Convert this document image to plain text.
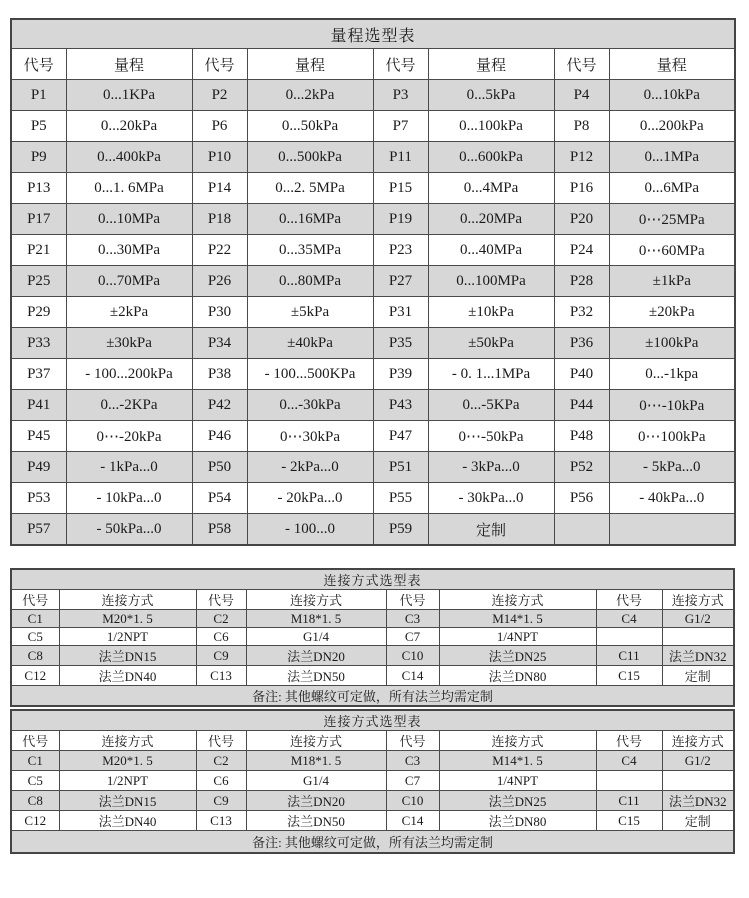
量程选型表							
代号	量程	代号	量程	代号	量程	代号	量程
P1	0...1KPa	P2	0...2kPa	P3	0...5kPa	P4	0...10kPa
P5	0...20kPa	P6	0...50kPa	P7	0...100kPa	P8	0...200kPa
P9	0...400kPa	P10	0...500kPa	P11	0...600kPa	P12	0...1MPa
P13	0...1. 6MPa	P14	0...2. 5MPa	P15	0...4MPa	P16	0...6MPa
P17	0...10MPa	P18	0...16MPa	P19	0...20MPa	P20	0⋯25MPa
P21	0...30MPa	P22	0...35MPa	P23	0...40MPa	P24	0⋯60MPa
P25	0...70MPa	P26	0...80MPa	P27	0...100MPa	P28	±1kPa
P29	±2kPa	P30	±5kPa	P31	±10kPa	P32	±20kPa
P33	±30kPa	P34	±40kPa	P35	±50kPa	P36	±100kPa
P37	- 100...200kPa	P38	- 100...500KPa	P39	- 0. 1...1MPa	P40	0...-1kpa
P41	0...-2KPa	P42	0...-30kPa	P43	0...-5KPa	P44	0⋯-10kPa
P45	0⋯-20kPa	P46	0⋯30kPa	P47	0⋯-50kPa	P48	0⋯100kPa
P49	- 1kPa...0	P50	- 2kPa...0	P51	- 3kPa...0	P52	- 5kPa...0
P53	- 10kPa...0	P54	- 20kPa...0	P55	- 30kPa...0	P56	- 40kPa...0
P57	- 50kPa...0	P58	- 100...0	P59	定制		
连接方式选型表							
代号	连接方式	代号	连接方式	代号	连接方式	代号	连接方式
C1	M20*1. 5	C2	M18*1. 5	C3	M14*1. 5	C4	G1/2
C5	1/2NPT	C6	G1/4	C7	1/4NPT		
C8	法兰DN15	C9	法兰DN20	C10	法兰DN25	C11	法兰DN32
C12	法兰DN40	C13	法兰DN50	C14	法兰DN80	C15	定制
备注: 其他螺纹可定做，所有法兰均需定制							
连接方式选型表							
代号	连接方式	代号	连接方式	代号	连接方式	代号	连接方式
C1	M20*1. 5	C2	M18*1. 5	C3	M14*1. 5	C4	G1/2
C5	1/2NPT	C6	G1/4	C7	1/4NPT		
C8	法兰DN15	C9	法兰DN20	C10	法兰DN25	C11	法兰DN32
C12	法兰DN40	C13	法兰DN50	C14	法兰DN80	C15	定制
备注: 其他螺纹可定做，所有法兰均需定制							
